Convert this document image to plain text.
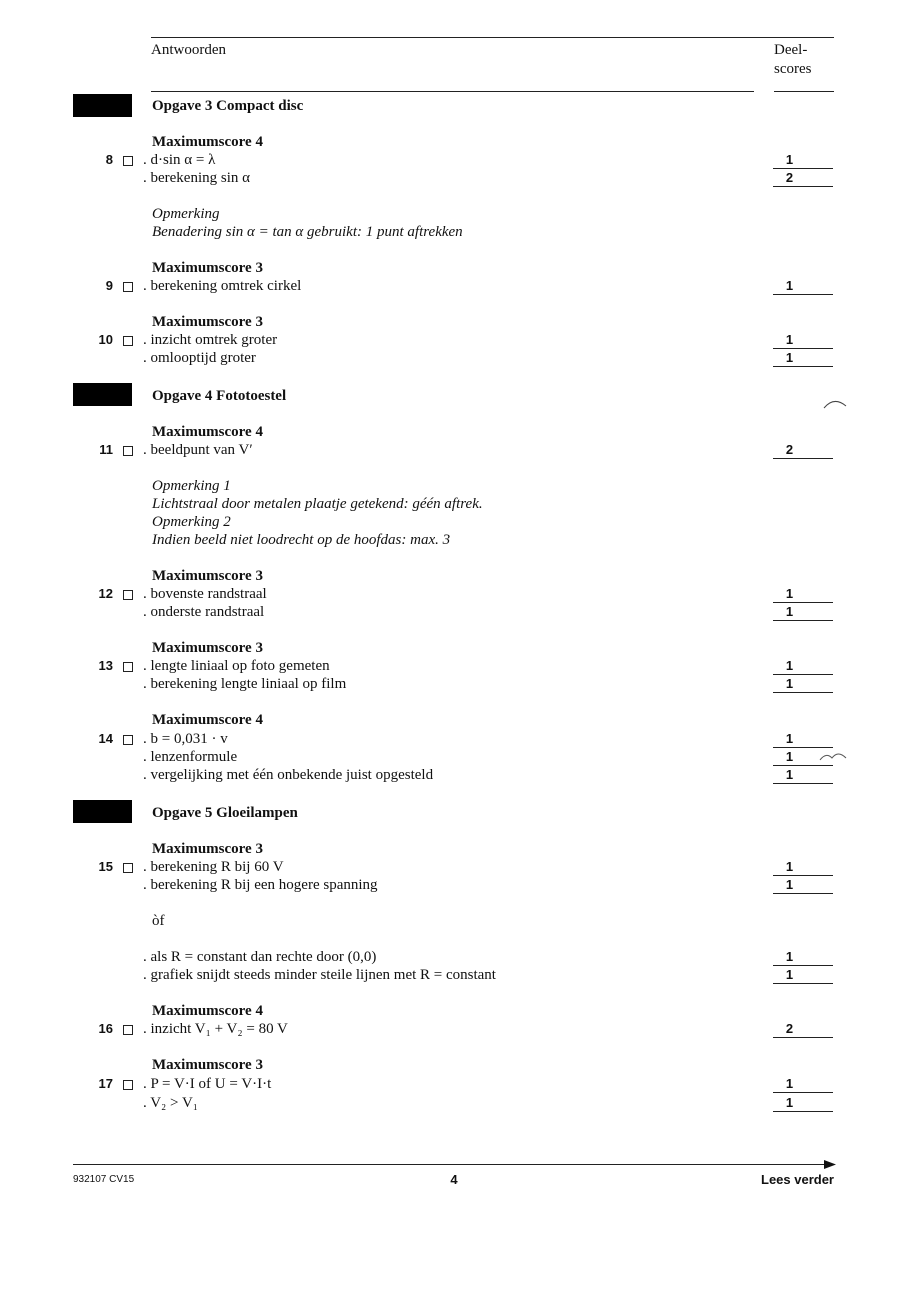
Antwoorden	Deel-
scores
Opgave 3 Compact disc
Maximumscore 4
8 . d·sin α = λ	1
. berekening sin α	2
Opmerking
Benadering sin α = tan α gebruikt: 1 punt aftrekken
Maximumscore 3
9 . berekening omtrek cirkel	1
Maximumscore 3
10 . inzicht omtrek groter	1
. omlooptijd groter	1
Opgave 4 Fototoestel
Maximumscore 4
11 . beeldpunt van V′	2
Opmerking 1
Lichtstraal door metalen plaatje getekend: géén aftrek.
Opmerking 2
Indien beeld niet loodrecht op de hoofdas: max. 3
Maximumscore 3
12 . bovenste randstraal	1
. onderste randstraal	1
Maximumscore 3
13 . lengte liniaal op foto gemeten	1
. berekening lengte liniaal op film	1
Maximumscore 4
14 . b = 0,031 · v	1
. lenzenformule	1
. vergelijking met één onbekende juist opgesteld	1
Opgave 5 Gloeilampen
Maximumscore 3
15 . berekening R bij 60 V	1
. berekening R bij een hogere spanning	1
òf
. als R = constant dan rechte door (0,0)	1
. grafiek snijdt steeds minder steile lijnen met R = constant	1
Maximumscore 4
16 . inzicht V₁ + V₂ = 80 V	2
Maximumscore 3
17 . P = V·I of U = V·I·t	1
. V₂ > V₁	1
932107 CV15	4	Lees verder
